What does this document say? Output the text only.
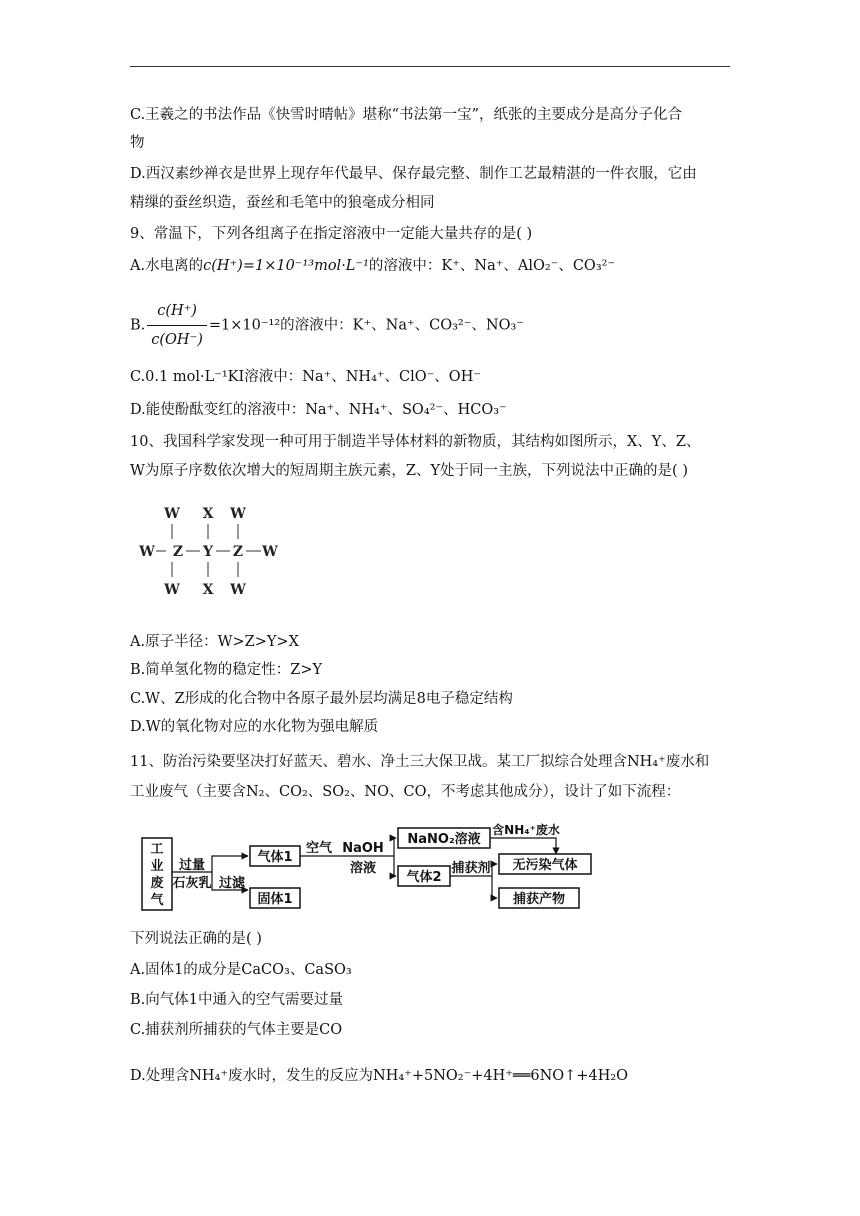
C.王羲之的书法作品《快雪时晴帖》堪称“书法第一宝”，纸张的主要成分是高分子化合
物
D.西汉素纱禅衣是世界上现存年代最早、保存最完整、制作工艺最精湛的一件衣服，它由
精缫的蚕丝织造，蚕丝和毛笔中的狼毫成分相同
9、常温下，下列各组离子在指定溶液中一定能大量共存的是( )
A.水电离的c(H⁺)=1×10⁻¹³mol·L⁻¹的溶液中：K⁺、Na⁺、AlO₂⁻、CO₃²⁻
B. $\frac{c(H^+)}{c(OH^-)} =1\times 10^{-12}$的溶液中：K⁺、Na⁺、CO₃²⁻、NO₃⁻
C.0.1 mol·L⁻¹KI溶液中：Na⁺、NH₄⁺、ClO⁻、OH⁻
D.能使酚酞变红的溶液中：Na⁺、NH₄⁺、SO₄²⁻、HCO₃⁻
10、我国科学家发现一种可用于制造半导体材料的新物质，其结构如图所示，X、Y、Z、
W为原子序数依次增大的短周期主族元素，Z、Y处于同一主族，下列说法中正确的是( )
W X W
W Z Y Z W
W X W
A.原子半径：W>Z>Y>X
B.简单氢化物的稳定性：Z>Y
C.W、Z形成的化合物中各原子最外层均满足8电子稳定结构
D.W的氧化物对应的水化物为强电解质
11、防治污染要坚决打好蓝天、碧水、净土三大保卫战。某工厂拟综合处理含NH₄⁺废水和
工业废气（主要含N₂、CO₂、SO₂、NO、CO，不考虑其他成分），设计了如下流程：
工
业
废
气
过量
石灰乳 过滤
气体1
固体1
空气 NaOH
溶液
NaNO₂溶液
含NH₄⁺废水
气体2
捕获剂 无污染气体
捕获产物
下列说法正确的是( )
A.固体1的成分是CaCO₃、CaSO₃
B.向气体1中通入的空气需要过量
C.捕获剂所捕获的气体主要是CO
D.处理含NH₄⁺废水时，发生的反应为NH₄⁺+5NO₂⁻+4H⁺══6NO↑+4H₂O
